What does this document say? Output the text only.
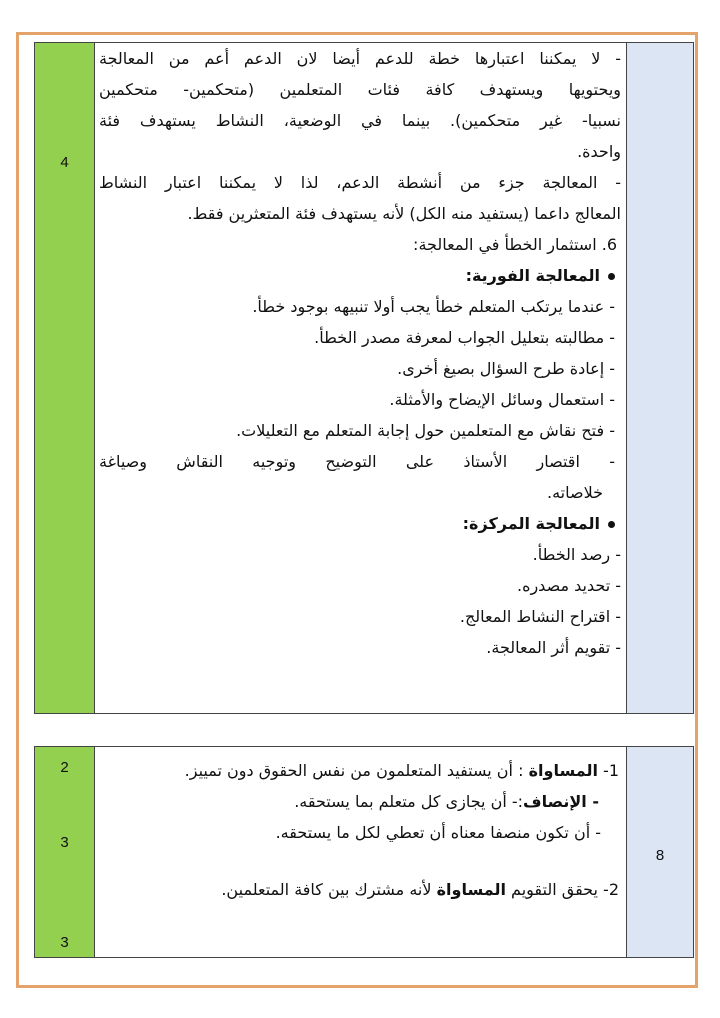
4
- لا يمكننا اعتبارها خطة للدعم أيضا لان الدعم أعم من المعالجة
ويحتويها ويستهدف كافة فئات المتعلمين (متحكمين- متحكمين
نسبيا- غير متحكمين). بينما في الوضعية، النشاط يستهدف فئة
واحدة.
- المعالجة جزء من أنشطة الدعم، لذا لا يمكننا اعتبار النشاط
المعالج داعما (يستفيد منه الكل) لأنه يستهدف فئة المتعثرين فقط.
6. استثمار الخطأ في المعالجة:
المعالجة الفورية:
- عندما يرتكب المتعلم خطأ يجب أولا تنبيهه بوجود خطأ.
- مطالبته بتعليل الجواب لمعرفة مصدر الخطأ.
- إعادة طرح السؤال بصيغ أخرى.
- استعمال وسائل الإيضاح والأمثلة.
- فتح نقاش مع المتعلمين حول إجابة المتعلم مع التعليلات.
- اقتصار الأستاذ على التوضيح وتوجيه النقاش وصياغة
خلاصاته.
المعالجة المركزة:
- رصد الخطأ.
- تحديد مصدره.
- اقتراح النشاط المعالج.
- تقويم أثر المعالجة.
2
3
3
8
1- المساواة : أن يستفيد المتعلمون من نفس الحقوق دون تمييز.
- الإنصاف:- أن يجازى كل متعلم بما يستحقه.
- أن تكون منصفا معناه أن تعطي لكل ما يستحقه.
2- يحقق التقويم المساواة لأنه مشترك بين كافة المتعلمين.
